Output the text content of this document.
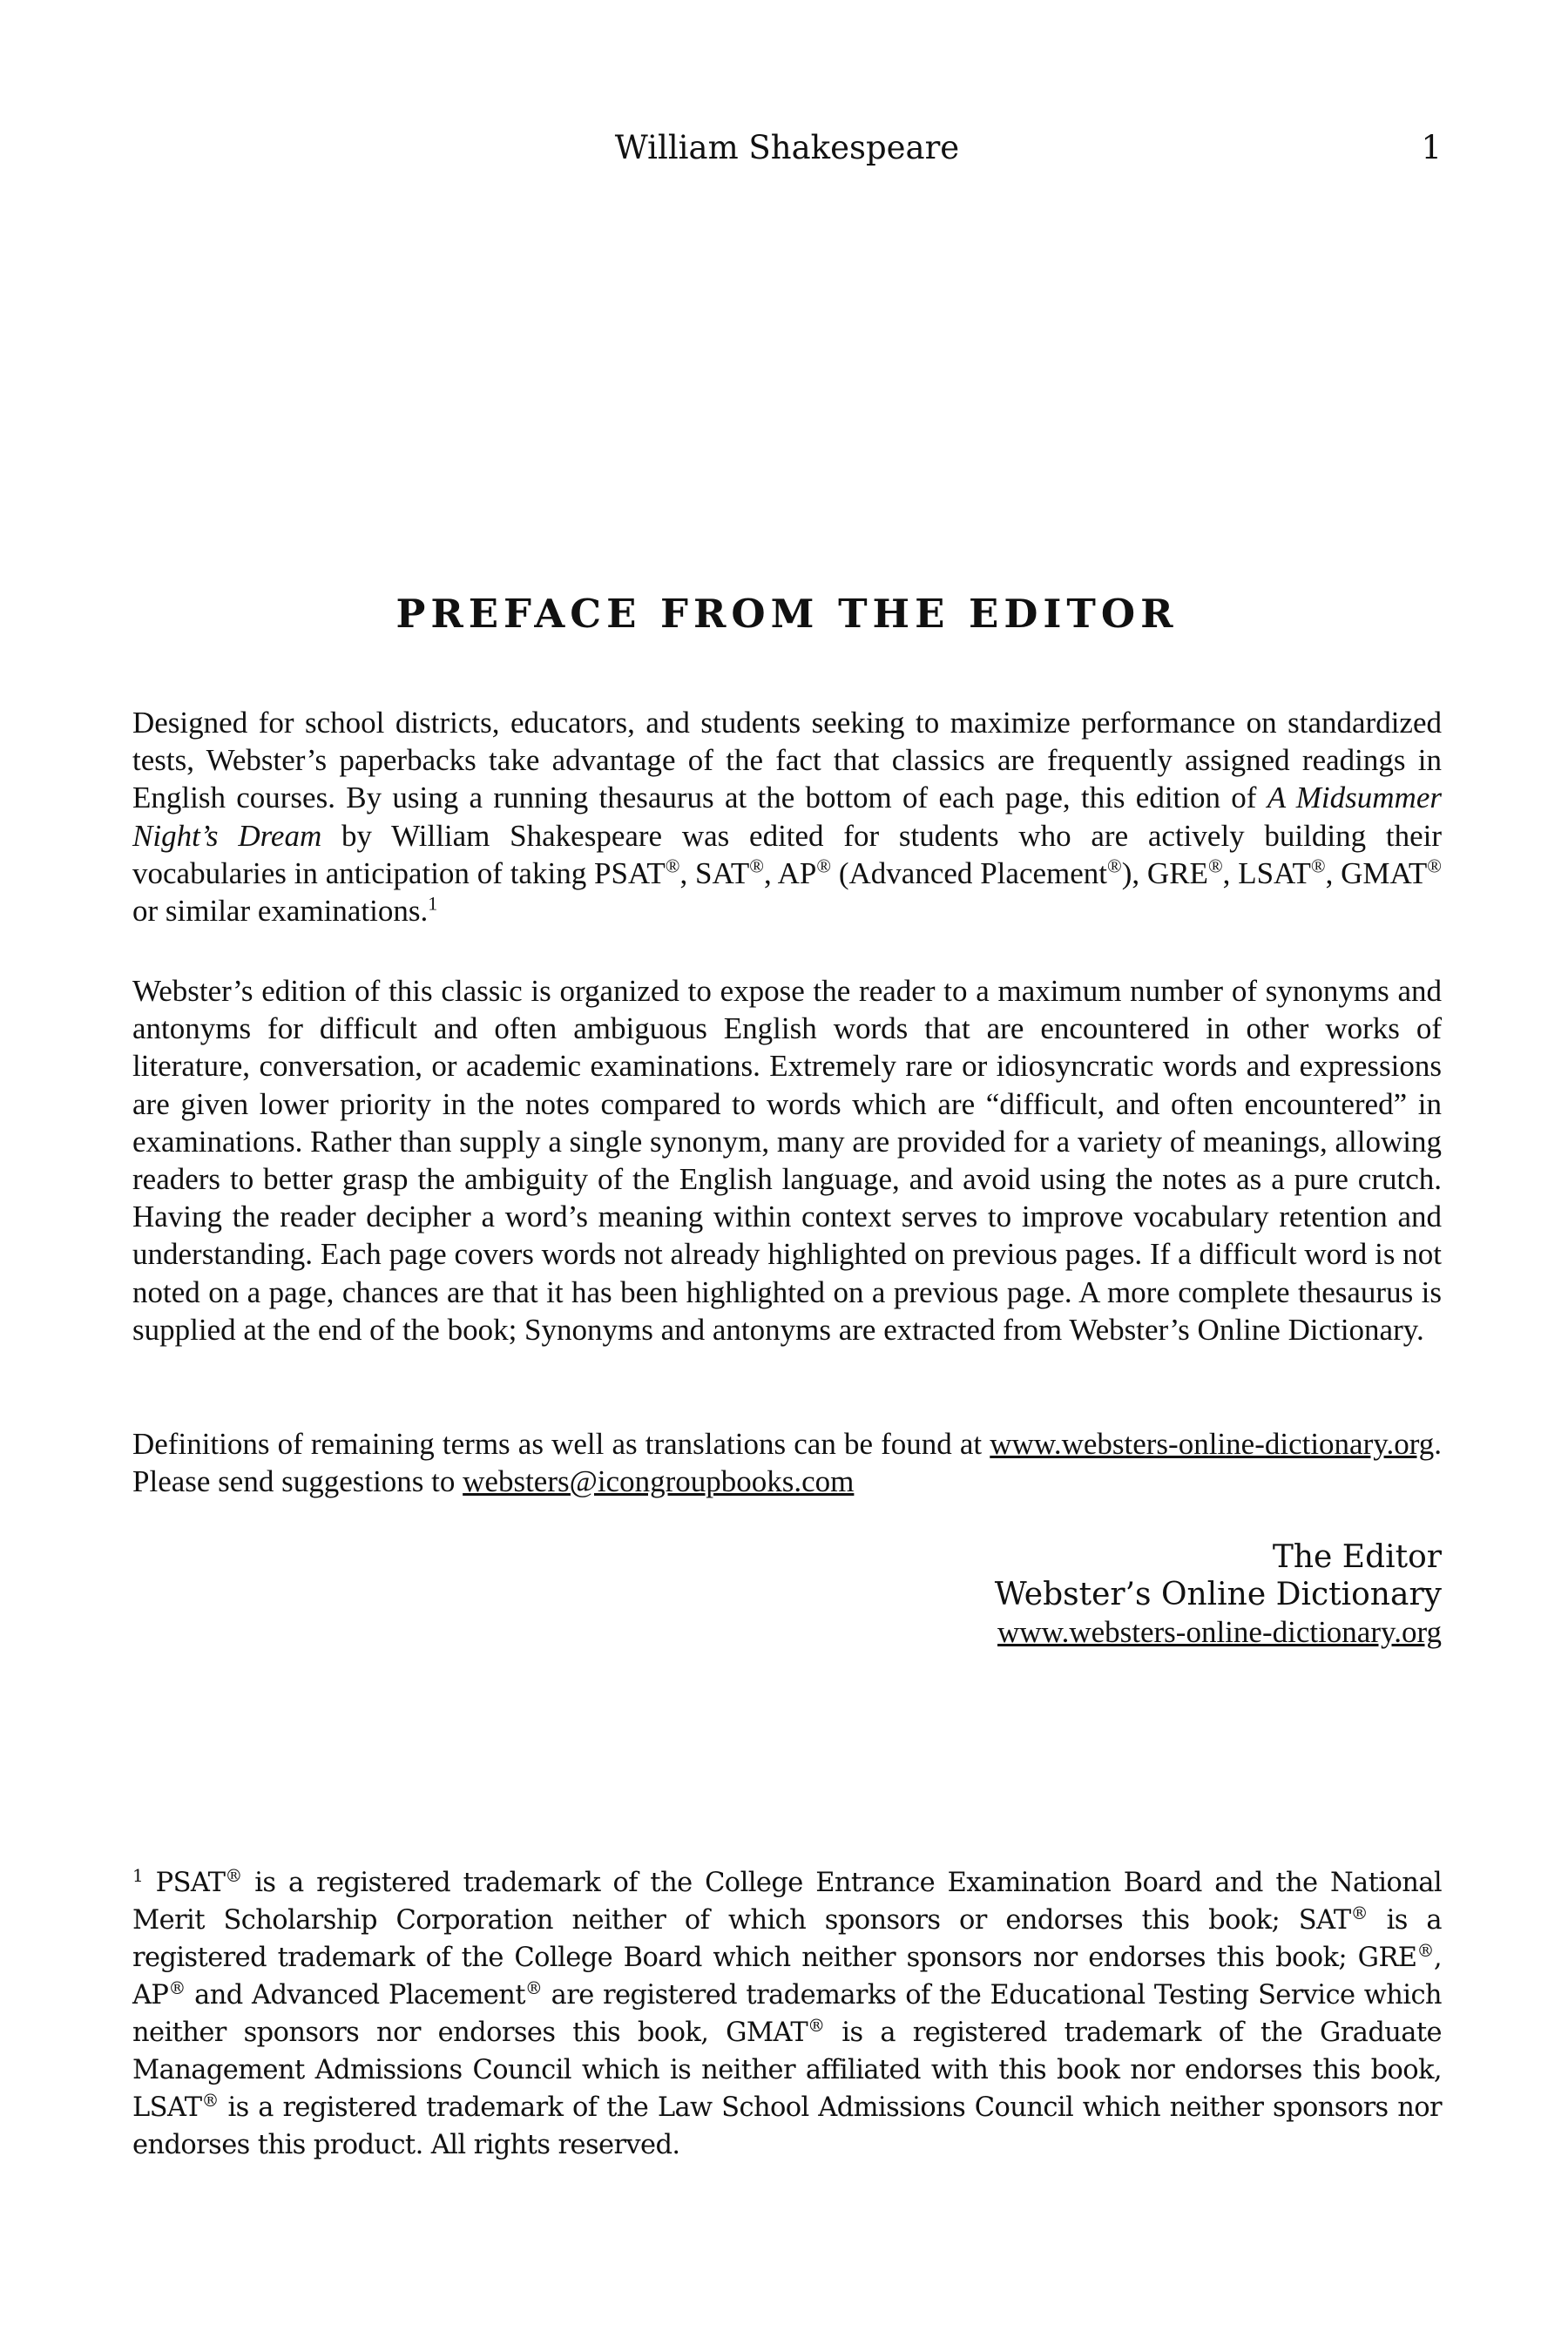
William Shakespeare	1
PREFACE FROM THE EDITOR

Designed for school districts, educators, and students seeking to maximize performance on standardized tests, Webster’s paperbacks take advantage of the fact that classics are frequently assigned readings in English courses. By using a running thesaurus at the bottom of each page, this edition of A Midsummer Night’s Dream by William Shakespeare was edited for students who are actively building their vocabularies in anticipation of taking PSAT®, SAT®, AP® (Advanced Placement®), GRE®, LSAT®, GMAT® or similar examinations.$^1$

Webster’s edition of this classic is organized to expose the reader to a maximum number of synonyms and antonyms for difficult and often ambiguous English words that are encountered in other works of literature, conversation, or academic examinations. Extremely rare or idiosyncratic words and expressions are given lower priority in the notes compared to words which are “difficult, and often encountered” in examinations. Rather than supply a single synonym, many are provided for a variety of meanings, allowing readers to better grasp the ambiguity of the English language, and avoid using the notes as a pure crutch. Having the reader decipher a word’s meaning within context serves to improve vocabulary retention and understanding. Each page covers words not already highlighted on previous pages. If a difficult word is not noted on a page, chances are that it has been highlighted on a previous page. A more complete thesaurus is supplied at the end of the book; Synonyms and antonyms are extracted from Webster’s Online Dictionary.

Definitions of remaining terms as well as translations can be found at www.websters-online-dictionary.org. Please send suggestions to websters@icongroupbooks.com

The Editor
Webster’s Online Dictionary
www.websters-online-dictionary.org
$^1$ PSAT® is a registered trademark of the College Entrance Examination Board and the National Merit Scholarship Corporation neither of which sponsors or endorses this book; SAT® is a registered trademark of the College Board which neither sponsors nor endorses this book; GRE®, AP® and Advanced Placement® are registered trademarks of the Educational Testing Service which neither sponsors nor endorses this book, GMAT® is a registered trademark of the Graduate Management Admissions Council which is neither affiliated with this book nor endorses this book, LSAT® is a registered trademark of the Law School Admissions Council which neither sponsors nor endorses this product. All rights reserved.
